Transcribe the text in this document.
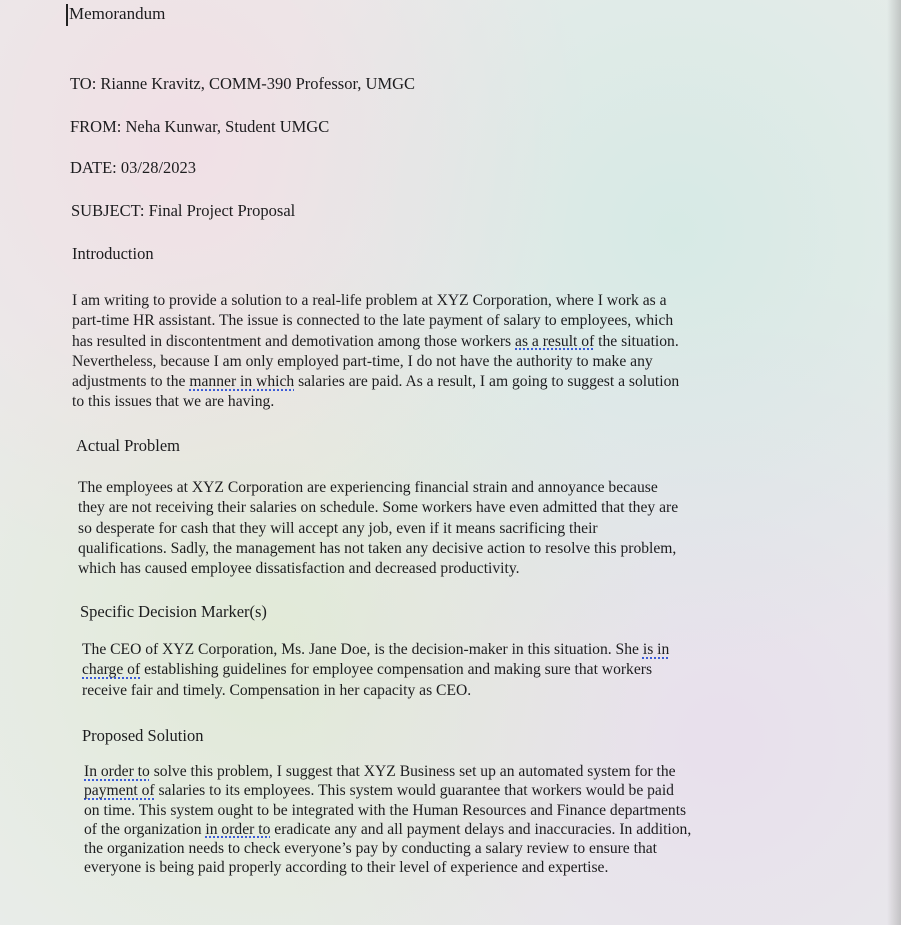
Memorandum
TO: Rianne Kravitz, COMM-390 Professor, UMGC
FROM: Neha Kunwar, Student UMGC
DATE: 03/28/2023
SUBJECT: Final Project Proposal
Introduction
I am writing to provide a solution to a real-life problem at XYZ Corporation, where I work as a
part-time HR assistant. The issue is connected to the late payment of salary to employees, which
has resulted in discontentment and demotivation among those workers as a result of the situation.
Nevertheless, because I am only employed part-time, I do not have the authority to make any
adjustments to the manner in which salaries are paid. As a result, I am going to suggest a solution
to this issues that we are having.
Actual Problem
The employees at XYZ Corporation are experiencing financial strain and annoyance because
they are not receiving their salaries on schedule. Some workers have even admitted that they are
so desperate for cash that they will accept any job, even if it means sacrificing their
qualifications. Sadly, the management has not taken any decisive action to resolve this problem,
which has caused employee dissatisfaction and decreased productivity.
Specific Decision Marker(s)
The CEO of XYZ Corporation, Ms. Jane Doe, is the decision-maker in this situation. She is in
charge of establishing guidelines for employee compensation and making sure that workers
receive fair and timely. Compensation in her capacity as CEO.
Proposed Solution
In order to solve this problem, I suggest that XYZ Business set up an automated system for the
payment of salaries to its employees. This system would guarantee that workers would be paid
on time. This system ought to be integrated with the Human Resources and Finance departments
of the organization in order to eradicate any and all payment delays and inaccuracies. In addition,
the organization needs to check everyone’s pay by conducting a salary review to ensure that
everyone is being paid properly according to their level of experience and expertise.
